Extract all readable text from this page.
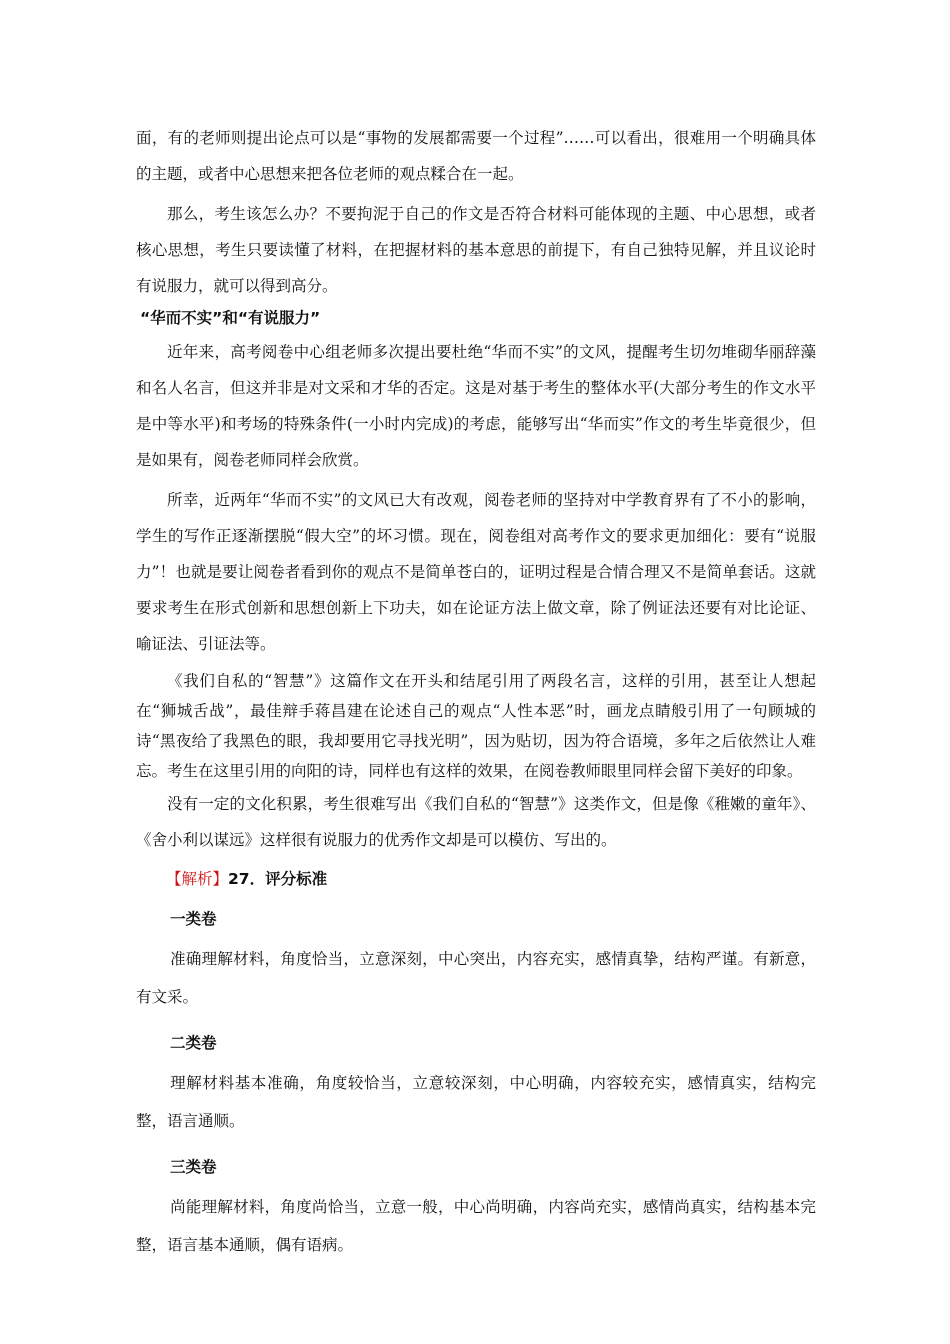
面，有的老师则提出论点可以是“事物的发展都需要一个过程”……可以看出，很难用一个明确具体的主题，或者中心思想来把各位老师的观点糅合在一起。

那么，考生该怎么办？不要拘泥于自己的作文是否符合材料可能体现的主题、中心思想，或者核心思想，考生只要读懂了材料，在把握材料的基本意思的前提下，有自己独特见解，并且议论时有说服力，就可以得到高分。

“华而不实”和“有说服力”

近年来，高考阅卷中心组老师多次提出要杜绝“华而不实”的文风，提醒考生切勿堆砌华丽辞藻和名人名言，但这并非是对文采和才华的否定。这是对基于考生的整体水平(大部分考生的作文水平是中等水平)和考场的特殊条件(一小时内完成)的考虑，能够写出“华而实”作文的考生毕竟很少，但是如果有，阅卷老师同样会欣赏。

所幸，近两年“华而不实”的文风已大有改观，阅卷老师的坚持对中学教育界有了不小的影响，学生的写作正逐渐摆脱“假大空”的坏习惯。现在，阅卷组对高考作文的要求更加细化：要有“说服力”！也就是要让阅卷者看到你的观点不是简单苍白的，证明过程是合情合理又不是简单套话。这就要求考生在形式创新和思想创新上下功夫，如在论证方法上做文章，除了例证法还要有对比论证、喻证法、引证法等。

《我们自私的“智慧”》这篇作文在开头和结尾引用了两段名言，这样的引用，甚至让人想起在“狮城舌战”，最佳辩手蒋昌建在论述自己的观点“人性本恶”时，画龙点睛般引用了一句顾城的诗“黑夜给了我黑色的眼，我却要用它寻找光明”，因为贴切，因为符合语境，多年之后依然让人难忘。考生在这里引用的向阳的诗，同样也有这样的效果，在阅卷教师眼里同样会留下美好的印象。

没有一定的文化积累，考生很难写出《我们自私的“智慧”》这类作文，但是像《稚嫩的童年》、《舍小利以谋远》这样很有说服力的优秀作文却是可以模仿、写出的。

【解析】27．评分标准
一类卷

准确理解材料，角度恰当，立意深刻，中心突出，内容充实，感情真挚，结构严谨。有新意，有文采。

二类卷

理解材料基本准确，角度较恰当，立意较深刻，中心明确，内容较充实，感情真实，结构完整，语言通顺。

三类卷

尚能理解材料，角度尚恰当，立意一般，中心尚明确，内容尚充实，感情尚真实，结构基本完整，语言基本通顺，偶有语病。
